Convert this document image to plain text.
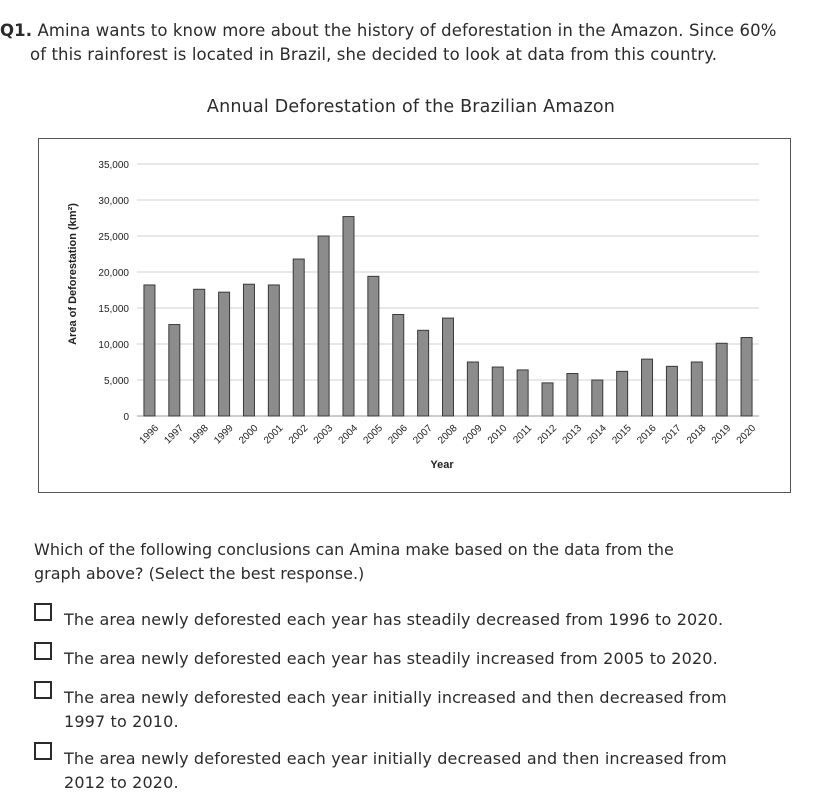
Q1. Amina wants to know more about the history of deforestation in the Amazon. Since 60%
of this rainforest is located in Brazil, she decided to look at data from this country.
Annual Deforestation of the Brazilian Amazon
0
5,000
10,000
15,000
20,000
25,000
30,000
35,000
1996 1997 1998 1999 2000 2001 2002 2003 2004 2005 2006 2007 2008 2009 2010 2011 2012 2013 2014 2015 2016 2017 2018 2019 2020
Area of Deforestation (km²)
Year
Which of the following conclusions can Amina make based on the data from the
graph above? (Select the best response.)
The area newly deforested each year has steadily decreased from 1996 to 2020.
The area newly deforested each year has steadily increased from 2005 to 2020.
The area newly deforested each year initially increased and then decreased from
1997 to 2010.
The area newly deforested each year initially decreased and then increased from
2012 to 2020.
